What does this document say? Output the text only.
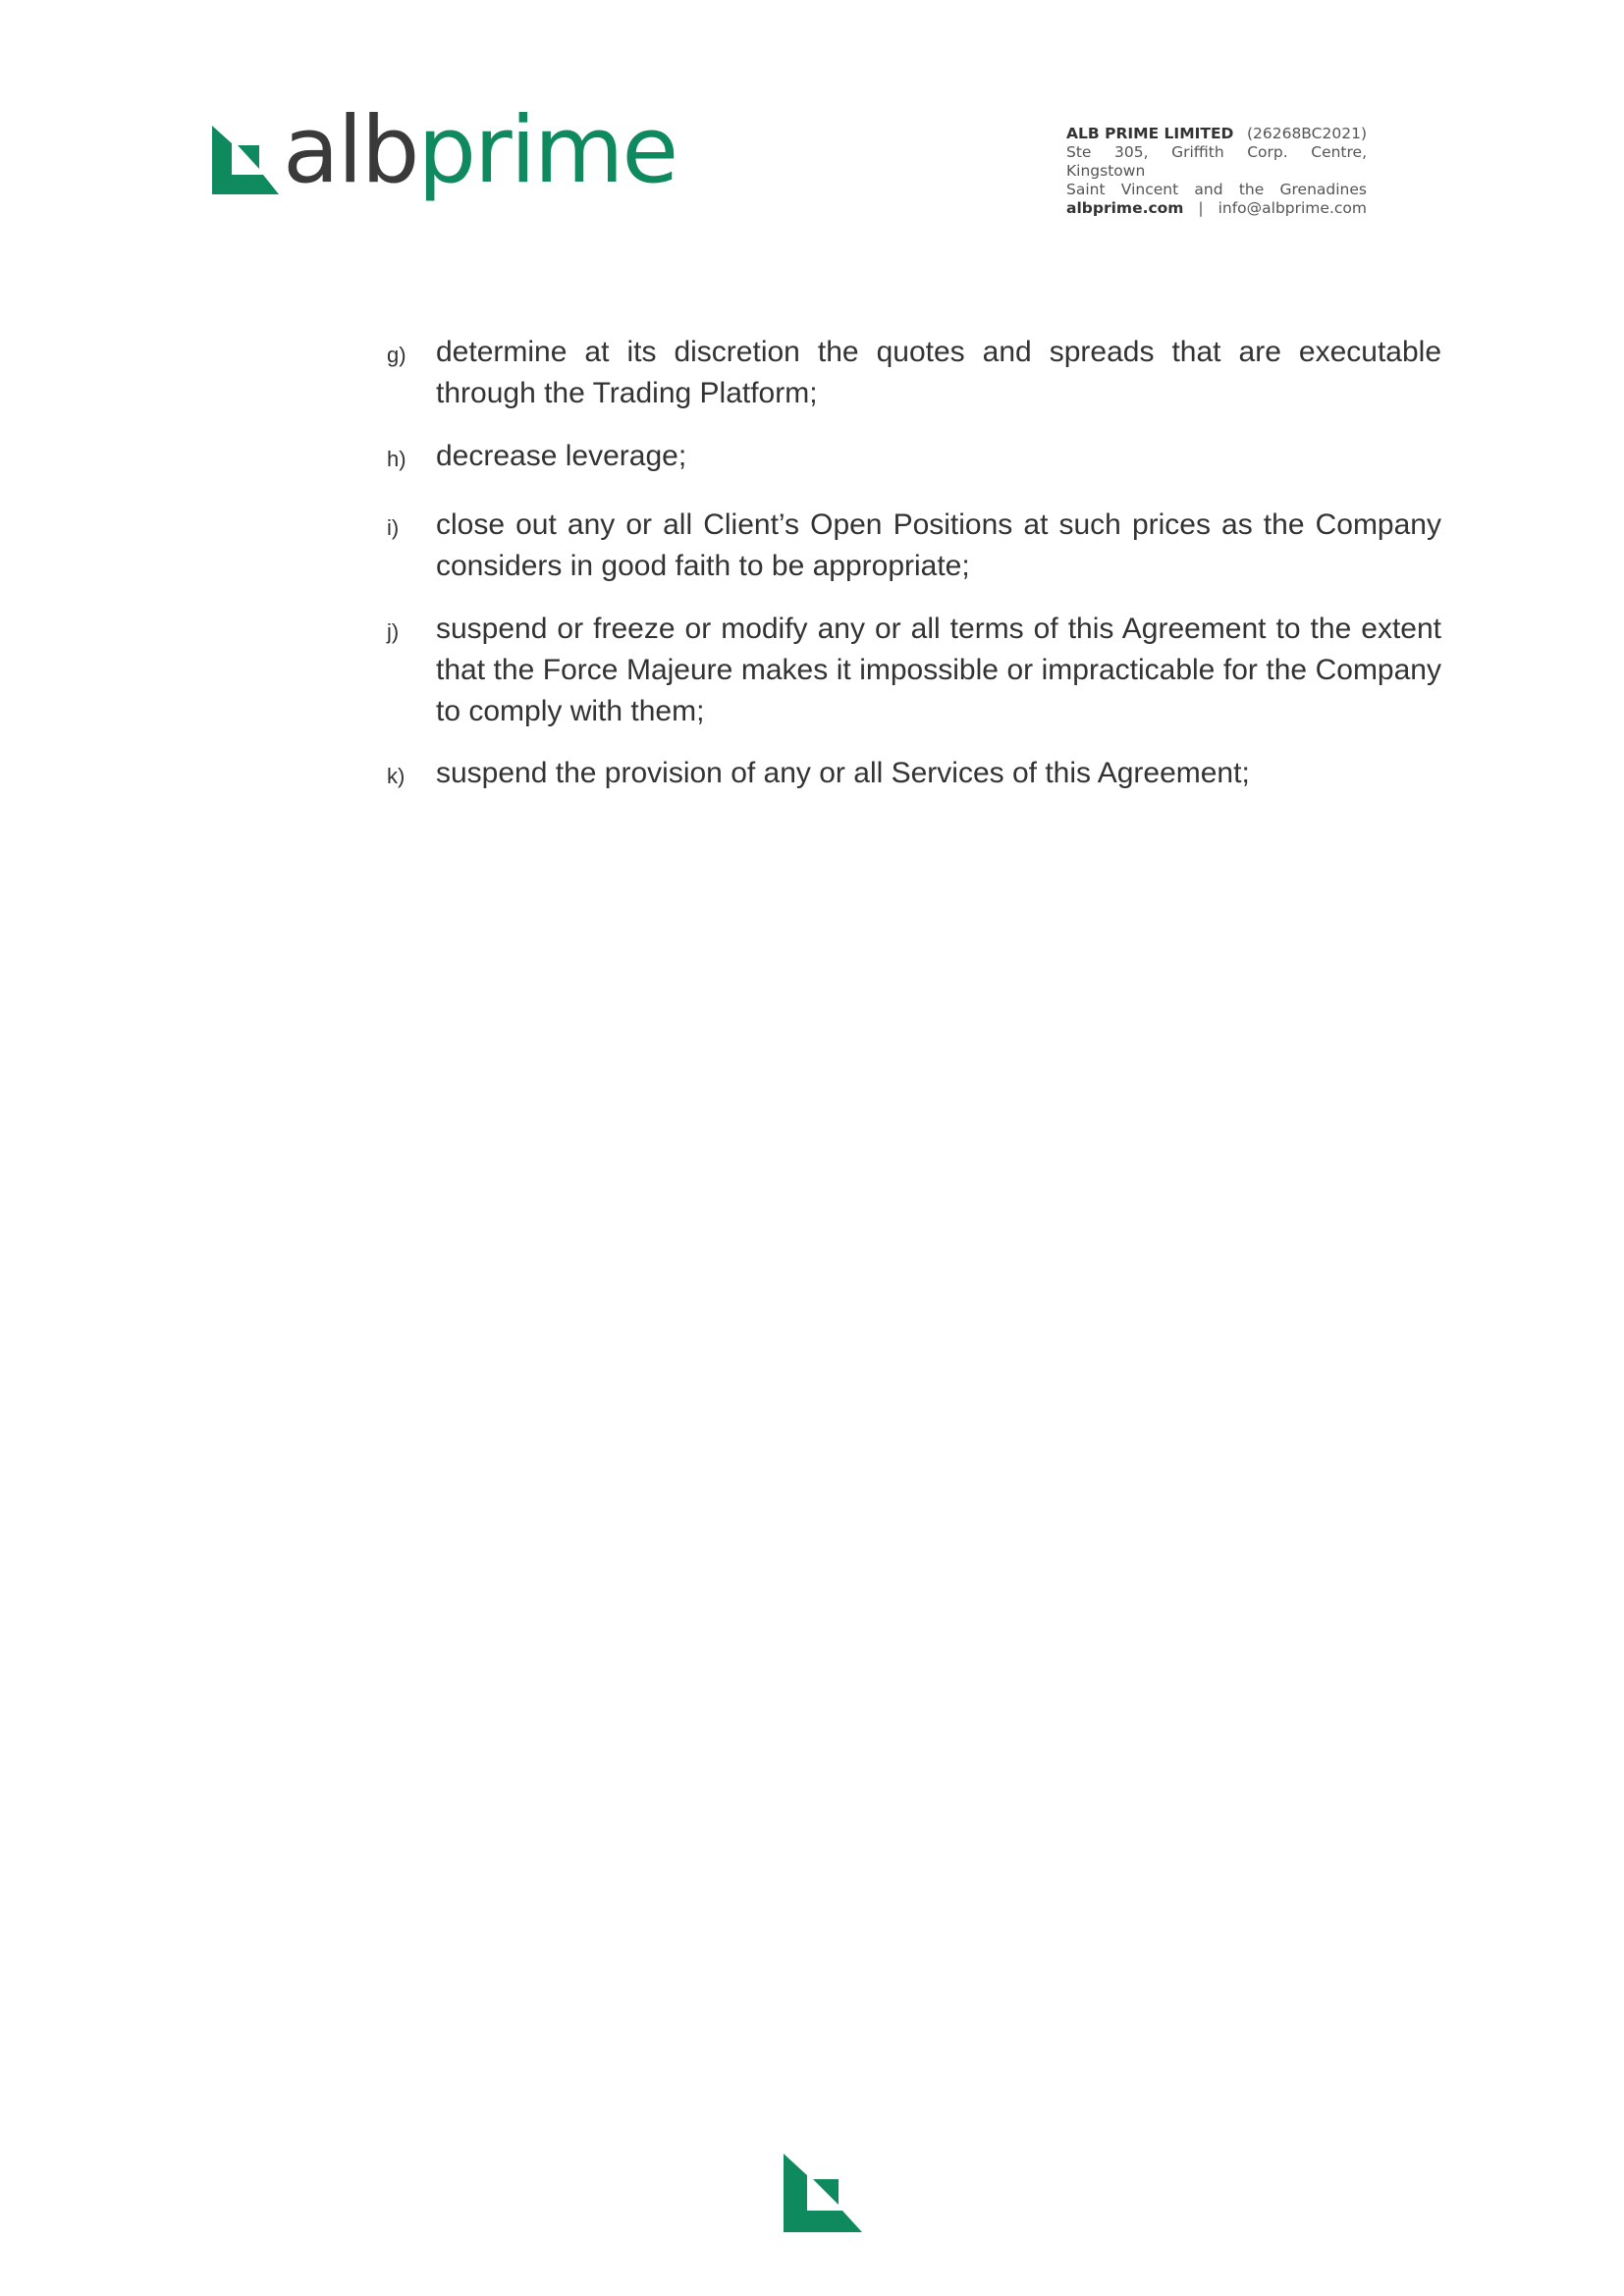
albprime	ALB PRIME LIMITED (26268BC2021)
Ste 305, Griffith Corp. Centre, Kingstown
Saint Vincent and the Grenadines
albprime.com | info@albprime.com
g)	determine at its discretion the quotes and spreads that are executable through the Trading Platform;
h)	decrease leverage;
i)	close out any or all Client’s Open Positions at such prices as the Company considers in good faith to be appropriate;
j)	suspend or freeze or modify any or all terms of this Agreement to the extent that the Force Majeure makes it impossible or impracticable for the Company to comply with them;
k)	suspend the provision of any or all Services of this Agreement;
